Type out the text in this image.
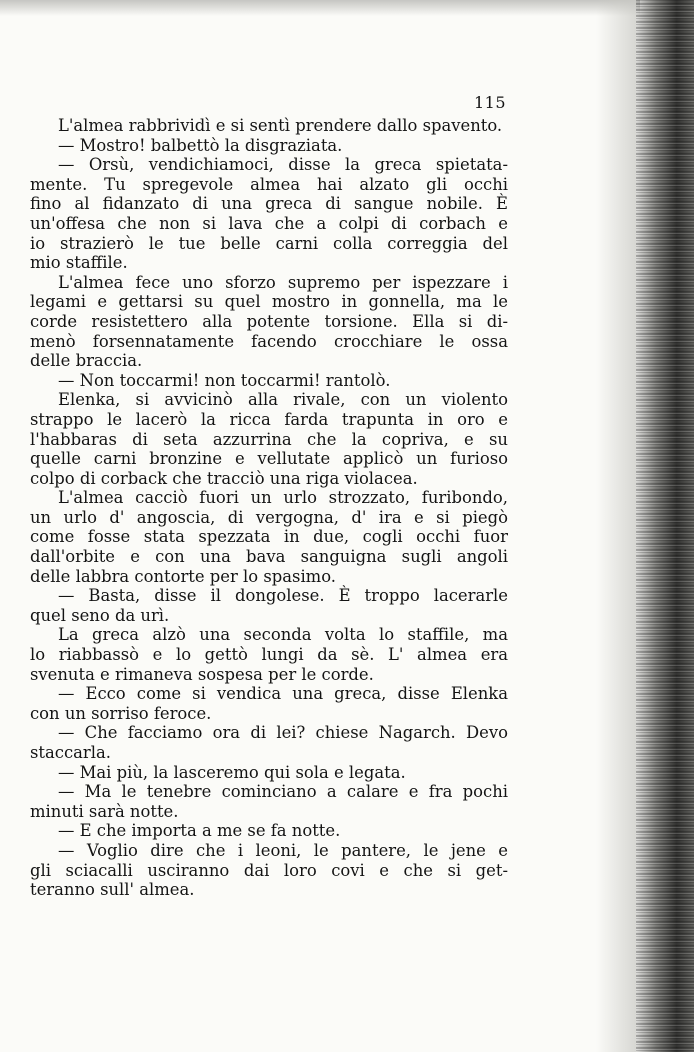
115
L'almea rabbrividì e si sentì prendere dallo spavento.
— Mostro! balbettò la disgraziata.
— Orsù, vendichiamoci, disse la greca spietata-
mente. Tu spregevole almea hai alzato gli occhi
fino al fidanzato di una greca di sangue nobile. È
un'offesa che non si lava che a colpi di corbach e
io strazierò le tue belle carni colla correggia del
mio staffile.
L'almea fece uno sforzo supremo per ispezzare i
legami e gettarsi su quel mostro in gonnella, ma le
corde resistettero alla potente torsione. Ella si di-
menò forsennatamente facendo crocchiare le ossa
delle braccia.
— Non toccarmi! non toccarmi! rantolò.
Elenka, si avvicinò alla rivale, con un violento
strappo le lacerò la ricca farda trapunta in oro e
l'habbaras di seta azzurrina che la copriva, e su
quelle carni bronzine e vellutate applicò un furioso
colpo di corback che tracciò una riga violacea.
L'almea cacciò fuori un urlo strozzato, furibondo,
un urlo d' angoscia, di vergogna, d' ira e si piegò
come fosse stata spezzata in due, cogli occhi fuor
dall'orbite e con una bava sanguigna sugli angoli
delle labbra contorte per lo spasimo.
— Basta, disse il dongolese. È troppo lacerarle
quel seno da urì.
La greca alzò una seconda volta lo staffile, ma
lo riabbassò e lo gettò lungi da sè. L' almea era
svenuta e rimaneva sospesa per le corde.
— Ecco come si vendica una greca, disse Elenka
con un sorriso feroce.
— Che facciamo ora di lei? chiese Nagarch. Devo
staccarla.
— Mai più, la lasceremo qui sola e legata.
— Ma le tenebre cominciano a calare e fra pochi
minuti sarà notte.
— E che importa a me se fa notte.
— Voglio dire che i leoni, le pantere, le jene e
gli sciacalli usciranno dai loro covi e che si get-
teranno sull' almea.
